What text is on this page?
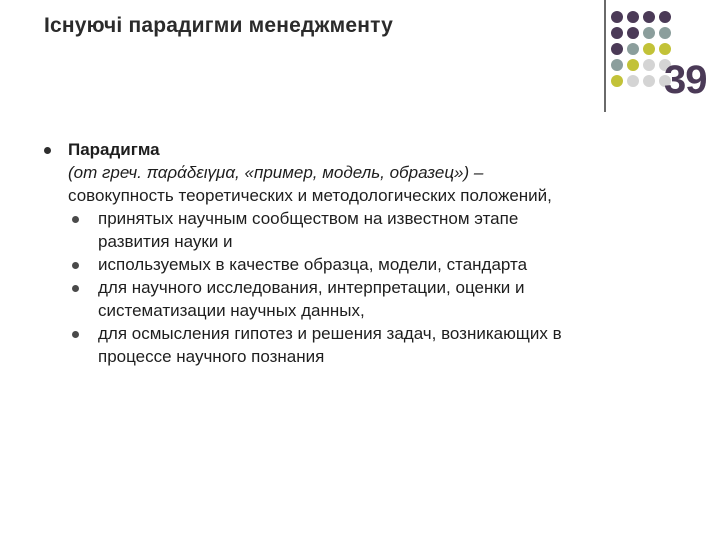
Існуючі парадигми менеджменту
39
Парадигма
(от греч. παράδειγμα, «пример, модель, образец») –
совокупность теоретических и методологических положений,
принятых научным сообществом на известном этапе
развития науки и
используемых в качестве образца, модели, стандарта
для научного исследования, интерпретации, оценки и
систематизации научных данных,
для осмысления гипотез и решения задач, возникающих в
процессе научного познания
